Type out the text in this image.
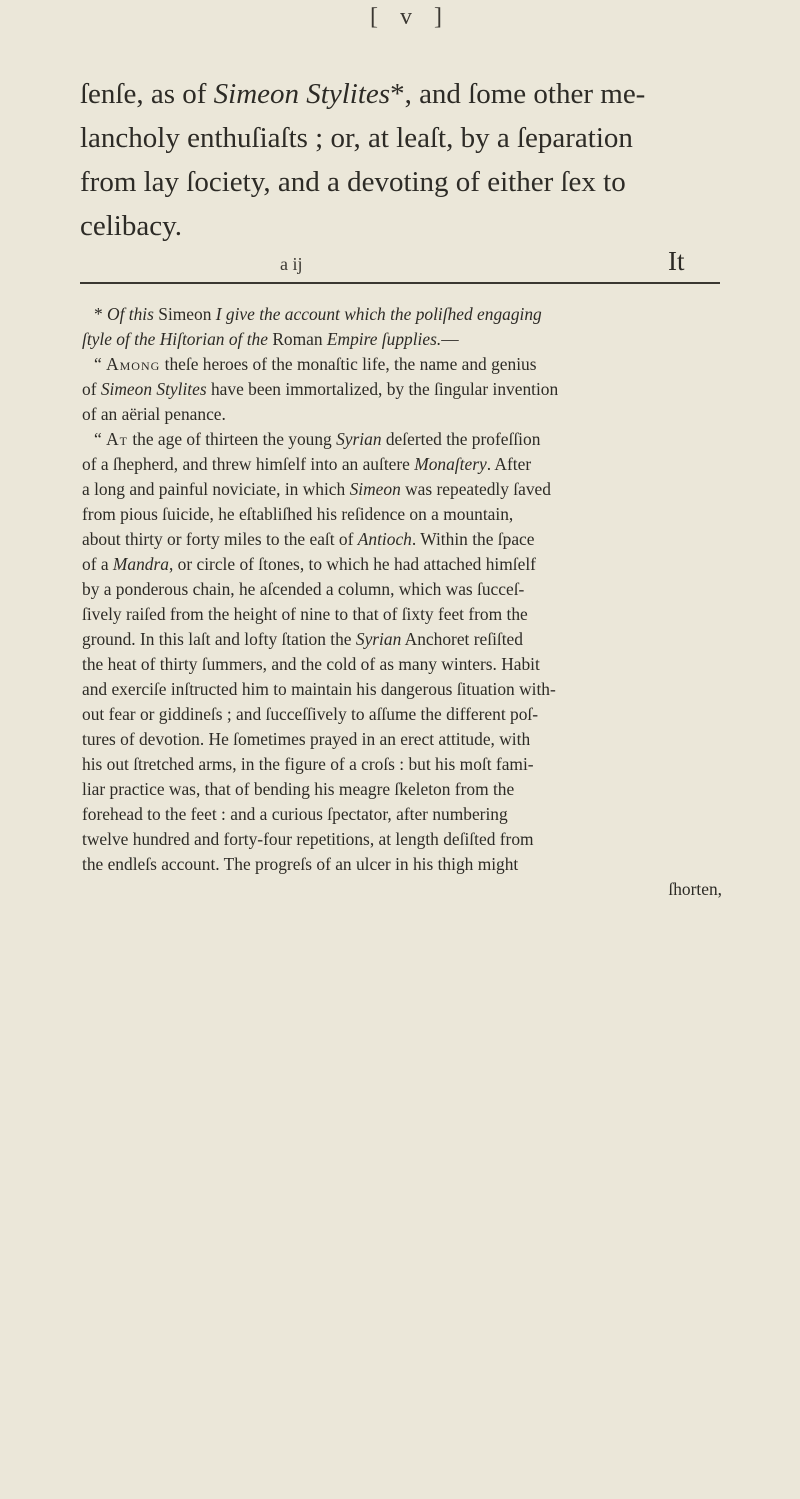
[ v ]
ſenſe, as of Simeon Stylites*, and ſome other me-
lancholy enthuſiaſts ; or, at leaſt, by a ſeparation
from lay ſociety, and a devoting of either ſex to
celibacy.
a ij	It
* Of this Simeon I give the account which the poliſhed engaging
ſtyle of the Hiſtorian of the Roman Empire ſupplies.—
“ Among theſe heroes of the monaſtic life, the name and genius
of Simeon Stylites have been immortalized, by the ſingular invention
of an aërial penance.
“ At the age of thirteen the young Syrian deſerted the profeſſion
of a ſhepherd, and threw himſelf into an auſtere Monaſtery. After
a long and painful noviciate, in which Simeon was repeatedly ſaved
from pious ſuicide, he eſtabliſhed his reſidence on a mountain,
about thirty or forty miles to the eaſt of Antioch. Within the ſpace
of a Mandra, or circle of ſtones, to which he had attached himſelf
by a ponderous chain, he aſcended a column, which was ſucceſ-
ſively raiſed from the height of nine to that of ſixty feet from the
ground. In this laſt and lofty ſtation the Syrian Anchoret reſiſted
the heat of thirty ſummers, and the cold of as many winters. Habit
and exerciſe inſtructed him to maintain his dangerous ſituation with-
out fear or giddineſs ; and ſucceſſively to aſſume the different poſ-
tures of devotion. He ſometimes prayed in an erect attitude, with
his out ſtretched arms, in the figure of a croſs : but his moſt fami-
liar practice was, that of bending his meagre ſkeleton from the
forehead to the feet : and a curious ſpectator, after numbering
twelve hundred and forty-four repetitions, at length deſiſted from
the endleſs account. The progreſs of an ulcer in his thigh might
ſhorten,
